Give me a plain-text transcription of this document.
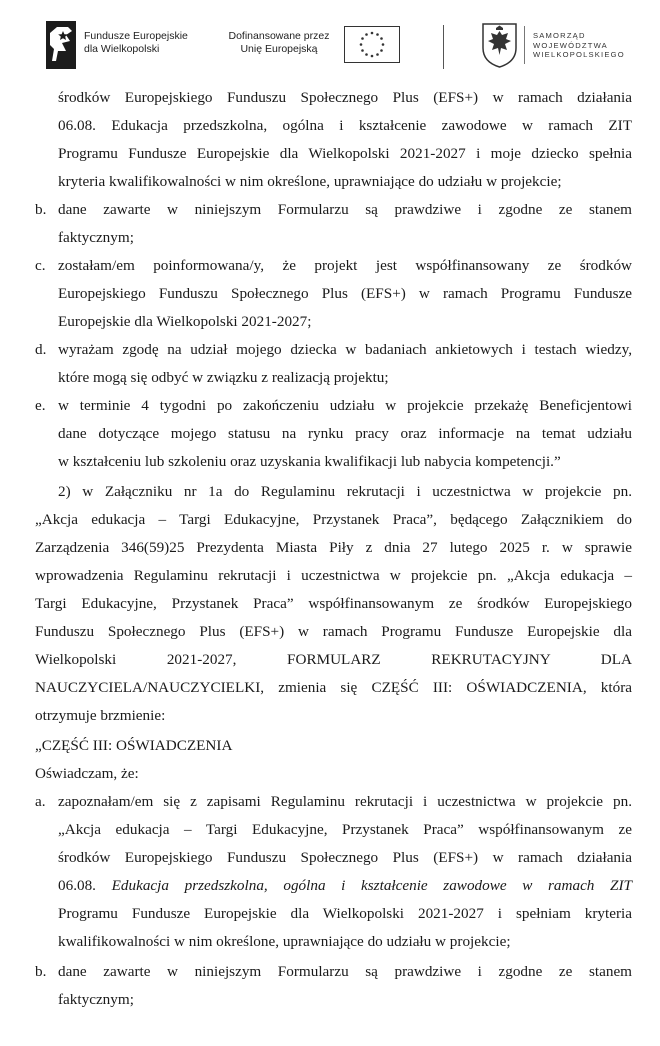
Fundusze Europejskie
dla Wielkopolski
Dofinansowane przez
Unię Europejską
SAMORZĄD
WOJEWÓDZTWA
WIELKOPOLSKIEGO
środków Europejskiego Funduszu Społecznego Plus (EFS+) w ramach działania
06.08. Edukacja przedszkolna, ogólna i kształcenie zawodowe w ramach ZIT
Programu Fundusze Europejskie dla Wielkopolski 2021-2027 i moje dziecko spełnia
kryteria kwalifikowalności w nim określone, uprawniające do udziału w projekcie;
b. dane zawarte w niniejszym Formularzu są prawdziwe i zgodne ze stanem
faktycznym;
c. zostałam/em poinformowana/y, że projekt jest współfinansowany ze środków
Europejskiego Funduszu Społecznego Plus (EFS+) w ramach Programu Fundusze
Europejskie dla Wielkopolski 2021-2027;
d. wyrażam zgodę na udział mojego dziecka w badaniach ankietowych i testach wiedzy,
które mogą się odbyć w związku z realizacją projektu;
e. w terminie 4 tygodni po zakończeniu udziału w projekcie przekażę Beneficjentowi
dane dotyczące mojego statusu na rynku pracy oraz informacje na temat udziału
w kształceniu lub szkoleniu oraz uzyskania kwalifikacji lub nabycia kompetencji.”
2) w Załączniku nr 1a do Regulaminu rekrutacji i uczestnictwa w projekcie pn.
„Akcja edukacja – Targi Edukacyjne, Przystanek Praca”, będącego Załącznikiem do
Zarządzenia 346(59)25 Prezydenta Miasta Piły z dnia 27 lutego 2025 r. w sprawie
wprowadzenia Regulaminu rekrutacji i uczestnictwa w projekcie pn. „Akcja edukacja –
Targi Edukacyjne, Przystanek Praca” współfinansowanym ze środków Europejskiego
Funduszu Społecznego Plus (EFS+) w ramach Programu Fundusze Europejskie dla
Wielkopolski 2021-2027, FORMULARZ REKRUTACYJNY DLA
NAUCZYCIELA/NAUCZYCIELKI, zmienia się CZĘŚĆ III: OŚWIADCZENIA, która
otrzymuje brzmienie:
„CZĘŚĆ III: OŚWIADCZENIA
Oświadczam, że:
a. zapoznałam/em się z zapisami Regulaminu rekrutacji i uczestnictwa w projekcie pn.
„Akcja edukacja – Targi Edukacyjne, Przystanek Praca” współfinansowanym ze
środków Europejskiego Funduszu Społecznego Plus (EFS+) w ramach działania
06.08. Edukacja przedszkolna, ogólna i kształcenie zawodowe w ramach ZIT
Programu Fundusze Europejskie dla Wielkopolski 2021-2027 i spełniam kryteria
kwalifikowalności w nim określone, uprawniające do udziału w projekcie;
b. dane zawarte w niniejszym Formularzu są prawdziwe i zgodne ze stanem
faktycznym;
